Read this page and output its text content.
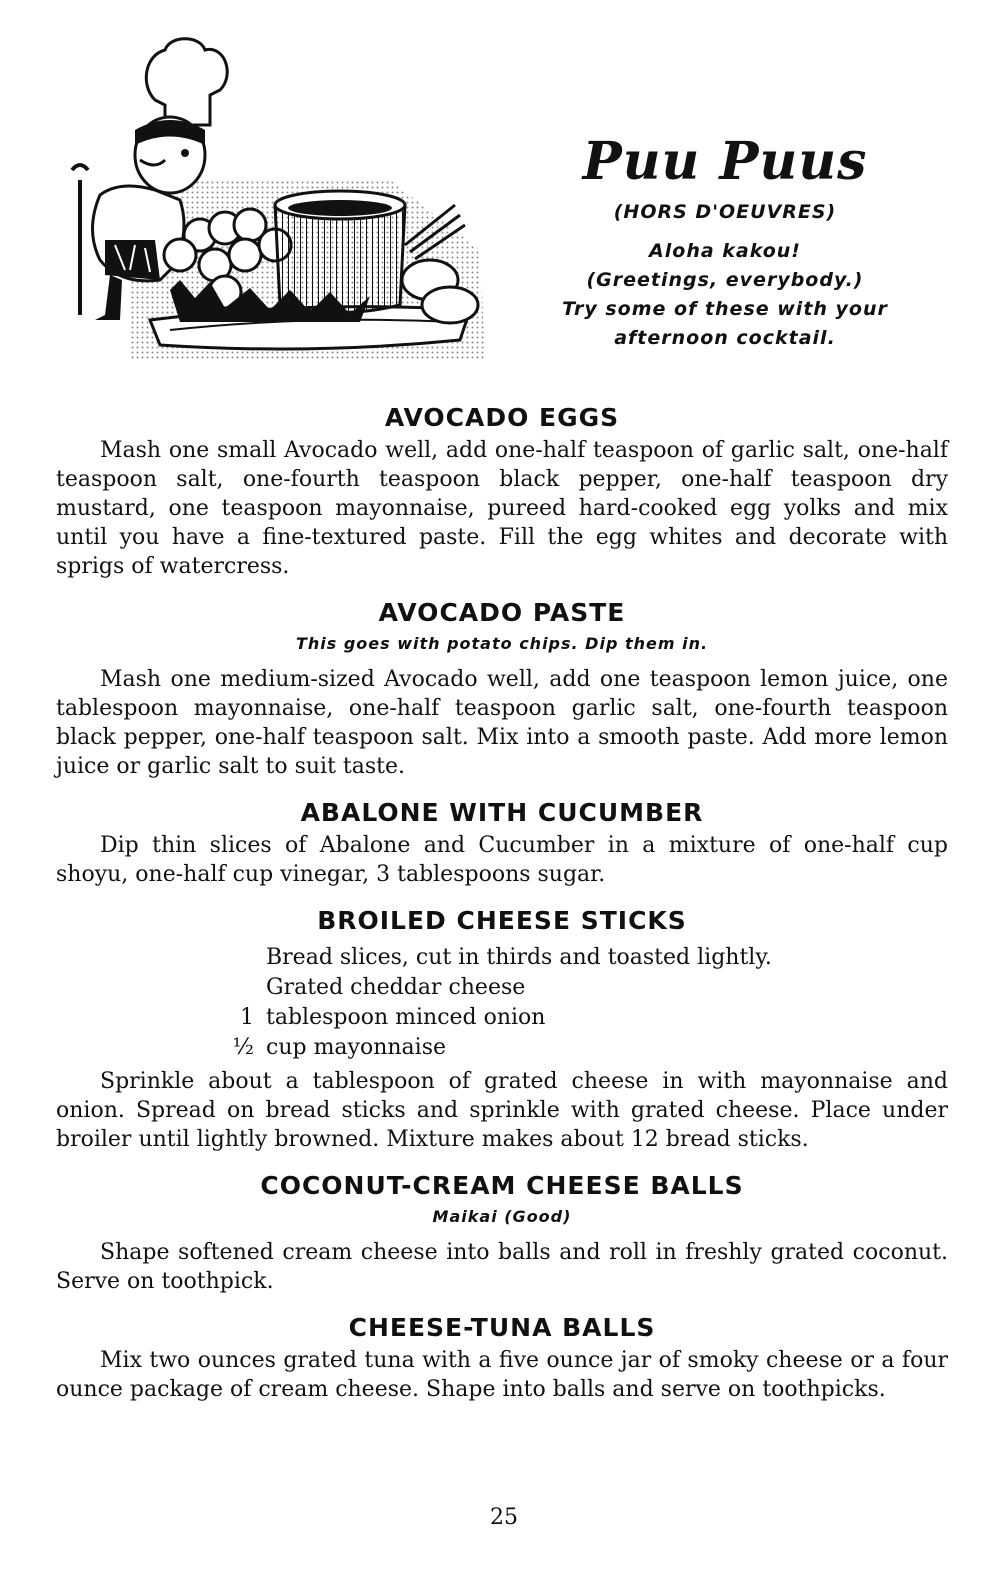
Puu Puus
(HORS D'OEUVRES)
Aloha kakou!
(Greetings, everybody.)
Try some of these with your
afternoon cocktail.
AVOCADO EGGS

Mash one small Avocado well, add one-half teaspoon of garlic salt, one-half teaspoon salt, one-fourth teaspoon black pepper, one-half teaspoon dry mustard, one teaspoon mayonnaise, pureed hard-cooked egg yolks and mix until you have a fine-textured paste. Fill the egg whites and decorate with sprigs of watercress.

AVOCADO PASTE
This goes with potato chips. Dip them in.

Mash one medium-sized Avocado well, add one teaspoon lemon juice, one tablespoon mayonnaise, one-half teaspoon garlic salt, one-fourth teaspoon black pepper, one-half teaspoon salt. Mix into a smooth paste. Add more lemon juice or garlic salt to suit taste.

ABALONE WITH CUCUMBER

Dip thin slices of Abalone and Cucumber in a mixture of one-half cup shoyu, one-half cup vinegar, 3 tablespoons sugar.

BROILED CHEESE STICKS
Bread slices, cut in thirds and toasted lightly.
Grated cheddar cheese
1 tablespoon minced onion
½ cup mayonnaise

Sprinkle about a tablespoon of grated cheese in with mayonnaise and onion. Spread on bread sticks and sprinkle with grated cheese. Place under broiler until lightly browned. Mixture makes about 12 bread sticks.

COCONUT-CREAM CHEESE BALLS
Maikai (Good)

Shape softened cream cheese into balls and roll in freshly grated coconut. Serve on toothpick.

CHEESE-TUNA BALLS

Mix two ounces grated tuna with a five ounce jar of smoky cheese or a four ounce package of cream cheese. Shape into balls and serve on toothpicks.

25
